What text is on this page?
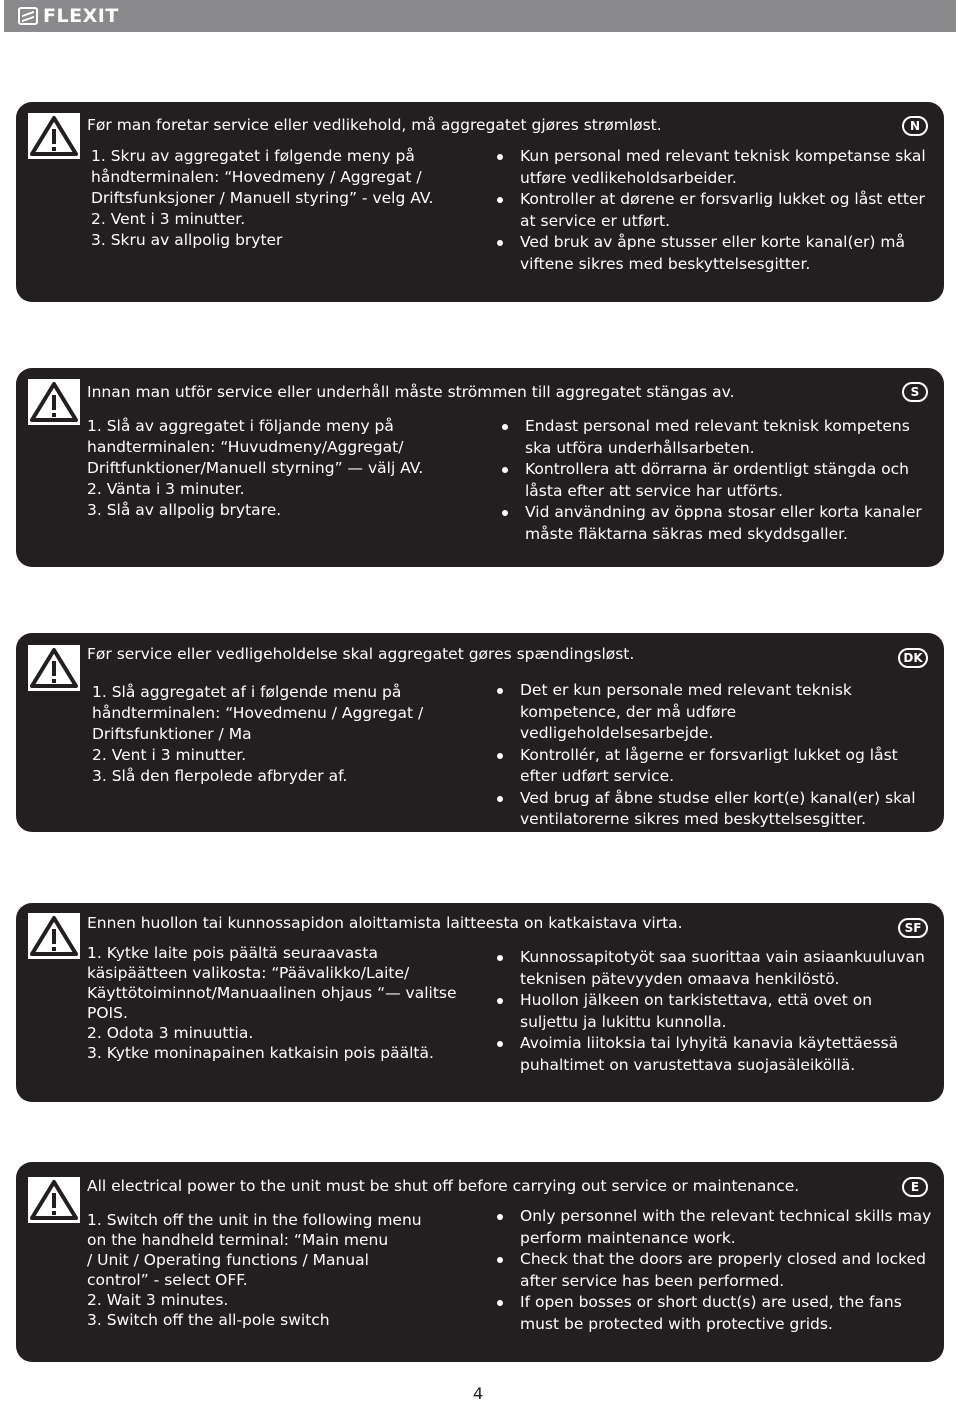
FLEXIT
Før man foretar service eller vedlikehold, må aggregatet gjøres strømløst.	N
1. Skru av aggregatet i følgende meny på
håndterminalen: “Hovedmeny / Aggregat /
Driftsfunksjoner / Manuell styring” - velg AV.
2. Vent i 3 minutter.
3. Skru av allpolig bryter
Kun personal med relevant teknisk kompetanse skal utføre vedlikeholdsarbeider.
Kontroller at dørene er forsvarlig lukket og låst etter at service er utført.
Ved bruk av åpne stusser eller korte kanal(er) må viftene sikres med beskyttelsesgitter.
Innan man utför service eller underhåll måste strömmen till aggregatet stängas av.	S
1. Slå av aggregatet i följande meny på
handterminalen: “Huvudmeny/Aggregat/
Driftfunktioner/Manuell styrning” — välj AV.
2. Vänta i 3 minuter.
3. Slå av allpolig brytare.
Endast personal med relevant teknisk kompetens ska utföra underhållsarbeten.
Kontrollera att dörrarna är ordentligt stängda och låsta efter att service har utförts.
Vid användning av öppna stosar eller korta kanaler måste fläktarna säkras med skyddsgaller.
Før service eller vedligeholdelse skal aggregatet gøres spændingsløst.	DK
1. Slå aggregatet af i følgende menu på
håndterminalen: “Hovedmenu / Aggregat /
Driftsfunktioner / Ma
2. Vent i 3 minutter.
3. Slå den flerpolede afbryder af.
Det er kun personale med relevant teknisk kompetence, der må udføre vedligeholdelsesarbejde.
Kontrollér, at lågerne er forsvarligt lukket og låst efter udført service.
Ved brug af åbne studse eller kort(e) kanal(er) skal ventilatorerne sikres med beskyttelsesgitter.
Ennen huollon tai kunnossapidon aloittamista laitteesta on katkaistava virta.	SF
1. Kytke laite pois päältä seuraavasta
käsipäätteen valikosta: “Päävalikko/Laite/
Käyttötoiminnot/Manuaalinen ohjaus “— valitse
POIS.
2. Odota 3 minuuttia.
3. Kytke moninapainen katkaisin pois päältä.
Kunnossapitotyöt saa suorittaa vain asiaankuuluvan teknisen pätevyyden omaava henkilöstö.
Huollon jälkeen on tarkistettava, että ovet on suljettu ja lukittu kunnolla.
Avoimia liitoksia tai lyhyitä kanavia käytettäessä puhaltimet on varustettava suojasäleiköllä.
All electrical power to the unit must be shut off before carrying out service or maintenance.	E
1. Switch off the unit in the following menu
on the handheld terminal: “Main menu
/ Unit / Operating functions / Manual
control” - select OFF.
2. Wait 3 minutes.
3. Switch off the all-pole switch
Only personnel with the relevant technical skills may perform maintenance work.
Check that the doors are properly closed and locked after service has been performed.
If open bosses or short duct(s) are used, the fans must be protected with protective grids.
4
